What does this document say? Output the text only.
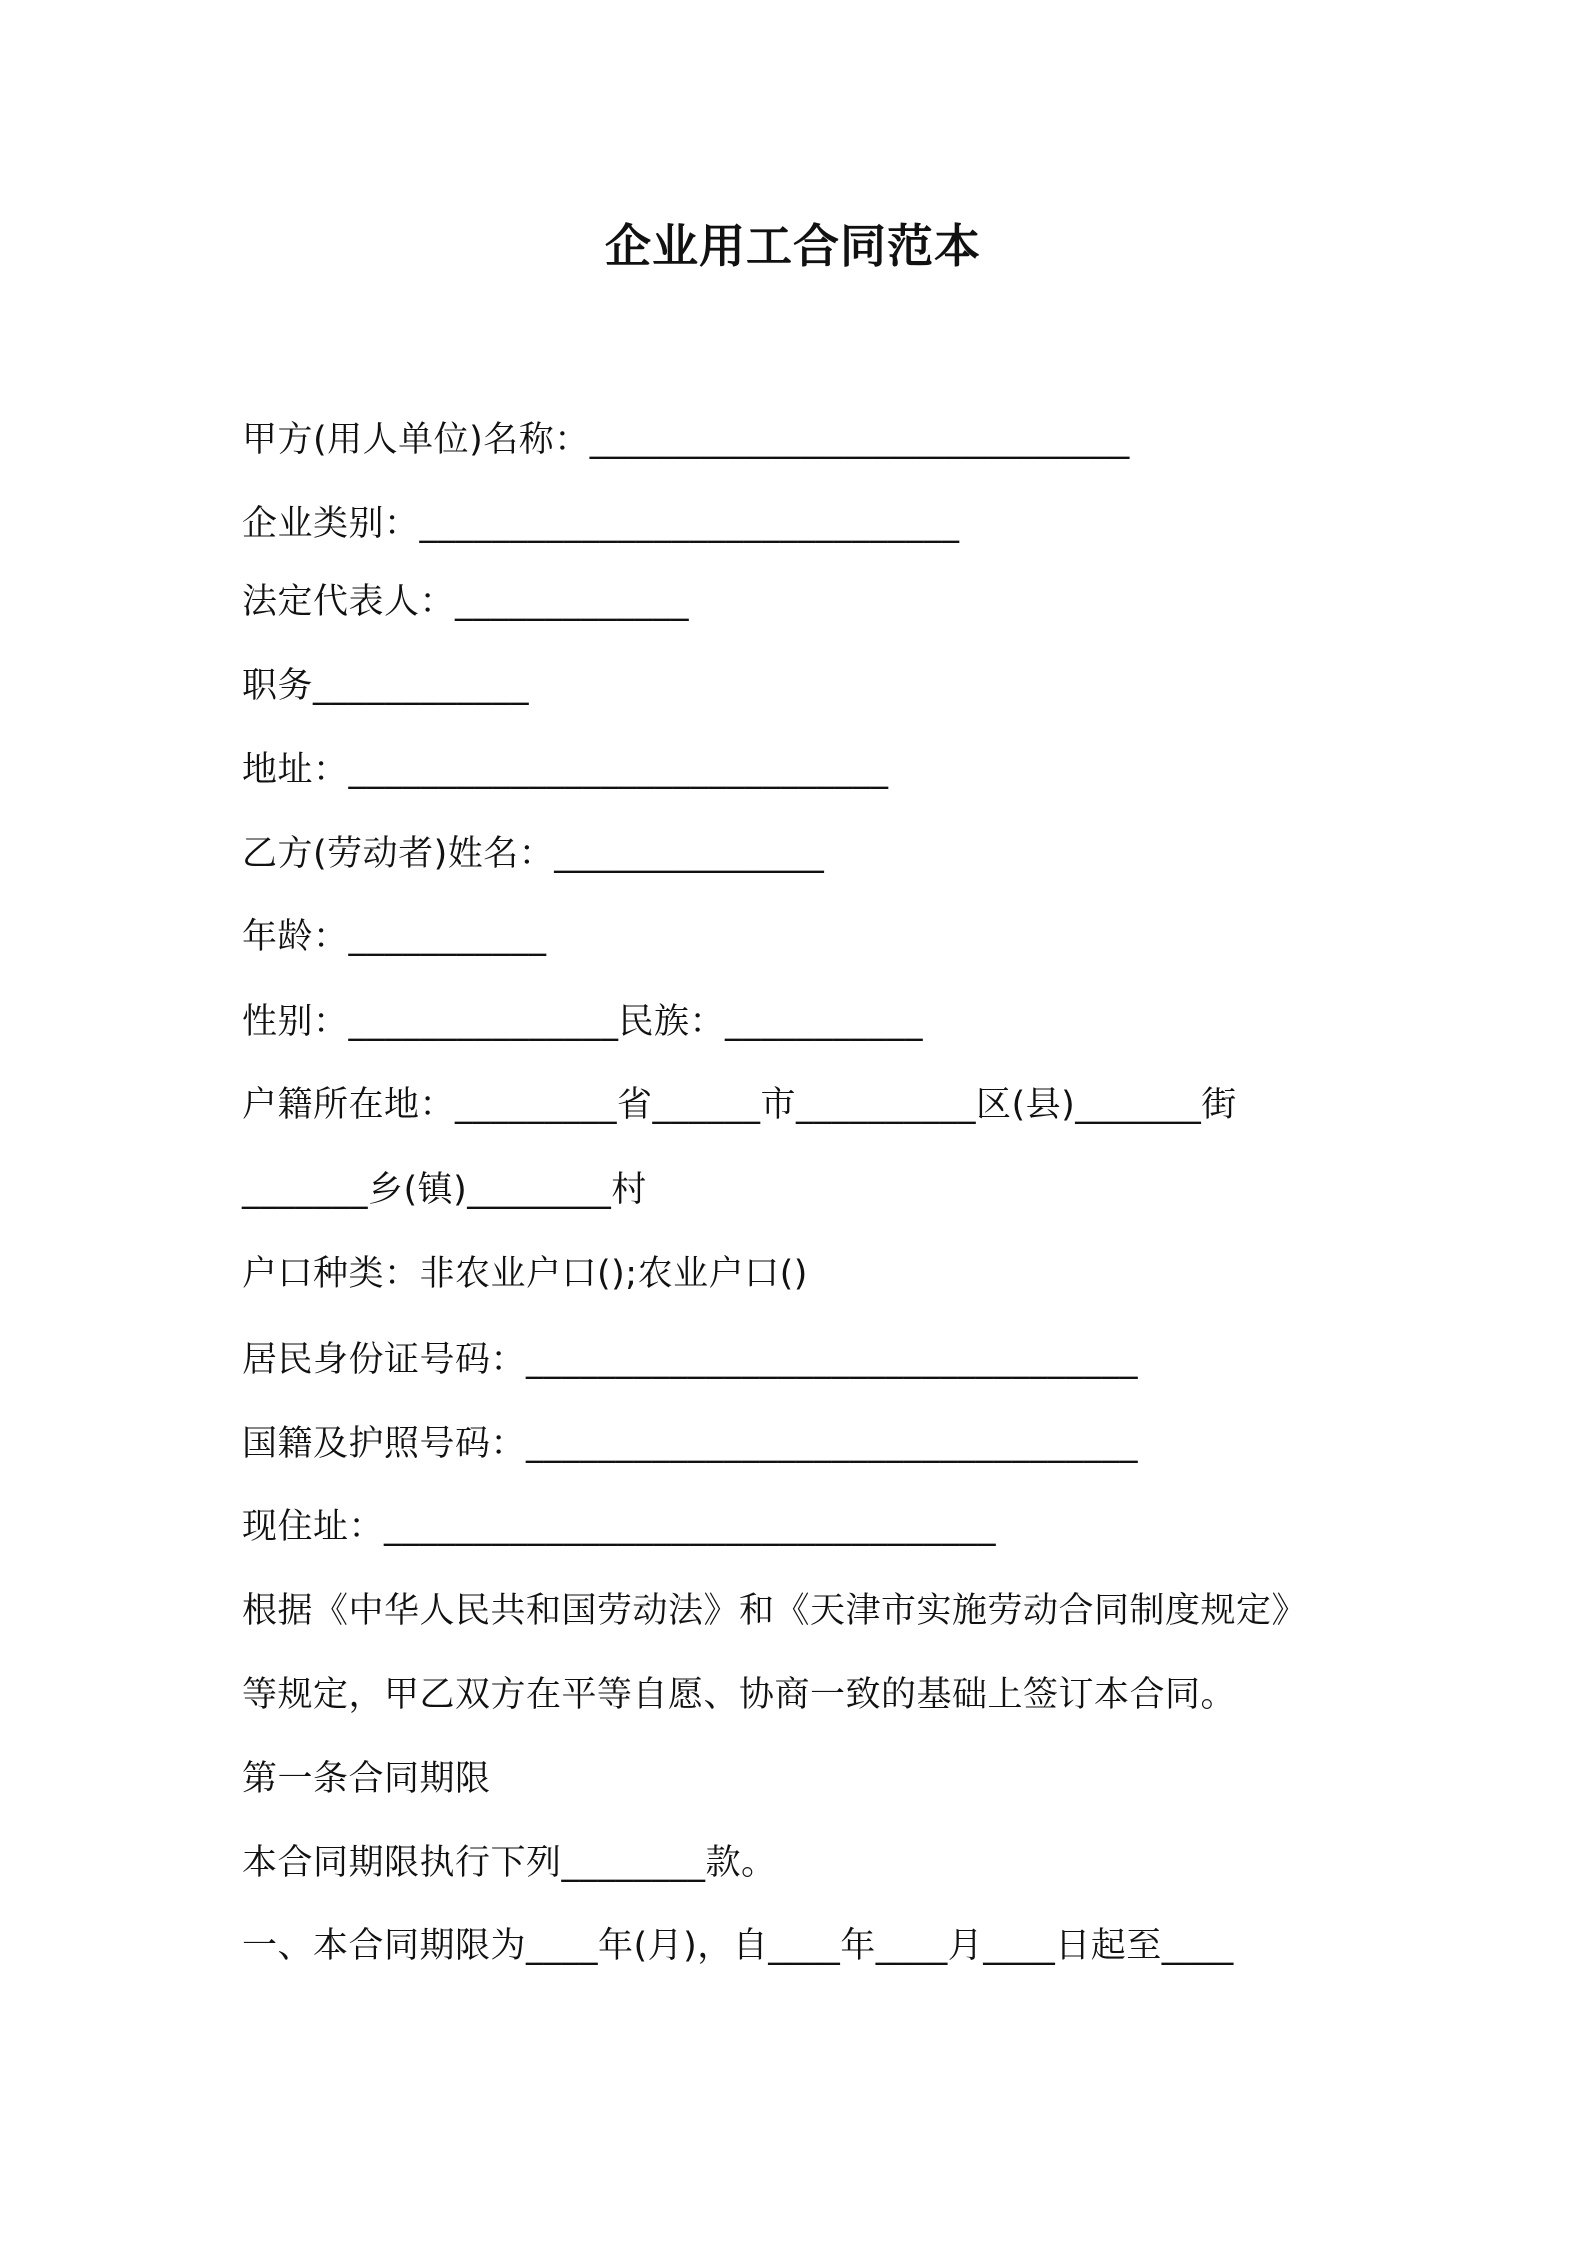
企业用工合同范本
甲方(用人单位)名称：______________________________
企业类别：______________________________
法定代表人：_____________
职务____________
地址：______________________________
乙方(劳动者)姓名：_______________
年龄：___________
性别：_______________民族：___________
户籍所在地：_________省______市__________区(县)_______街
_______乡(镇)________村
户口种类：非农业户口();农业户口()
居民身份证号码：__________________________________
国籍及护照号码：__________________________________
现住址：__________________________________
根据《中华人民共和国劳动法》和《天津市实施劳动合同制度规定》
等规定，甲乙双方在平等自愿、协商一致的基础上签订本合同。
第一条合同期限
本合同期限执行下列________款。
一、本合同期限为____年(月)，自____年____月____日起至____
